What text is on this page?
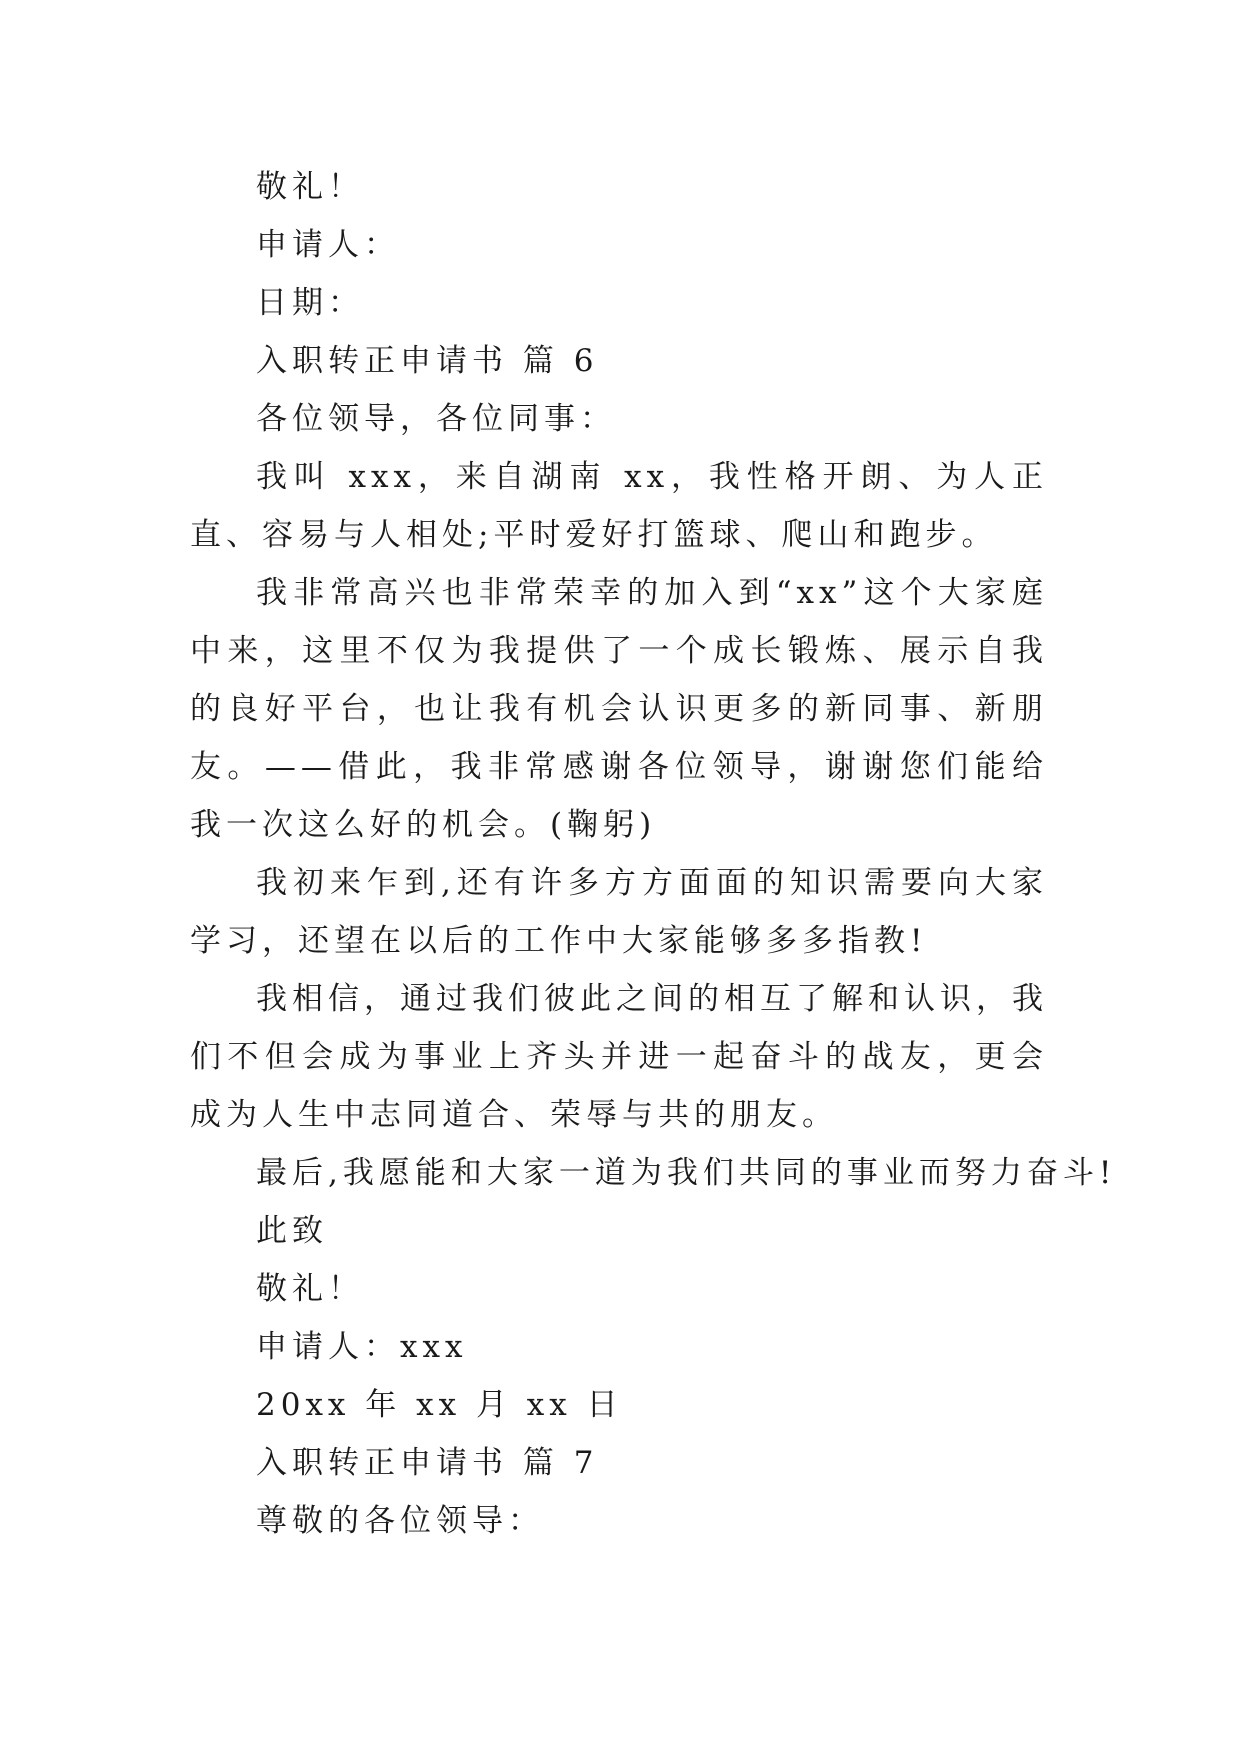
敬礼！

申请人：

日期：

入职转正申请书 篇 6

各位领导，各位同事：

我叫 xxx，来自湖南 xx，我性格开朗、为人正直、容易与人相处;平时爱好打篮球、爬山和跑步。

我非常高兴也非常荣幸的加入到“xx”这个大家庭中来，这里不仅为我提供了一个成长锻炼、展示自我的良好平台，也让我有机会认识更多的新同事、新朋友。——借此，我非常感谢各位领导，谢谢您们能给我一次这么好的机会。(鞠躬)

我初来乍到,还有许多方方面面的知识需要向大家学习，还望在以后的工作中大家能够多多指教!

我相信，通过我们彼此之间的相互了解和认识，我们不但会成为事业上齐头并进一起奋斗的战友，更会成为人生中志同道合、荣辱与共的朋友。

最后,我愿能和大家一道为我们共同的事业而努力奋斗!

此致

敬礼！

申请人：xxx

20xx 年 xx 月 xx 日

入职转正申请书 篇 7

尊敬的各位领导：
